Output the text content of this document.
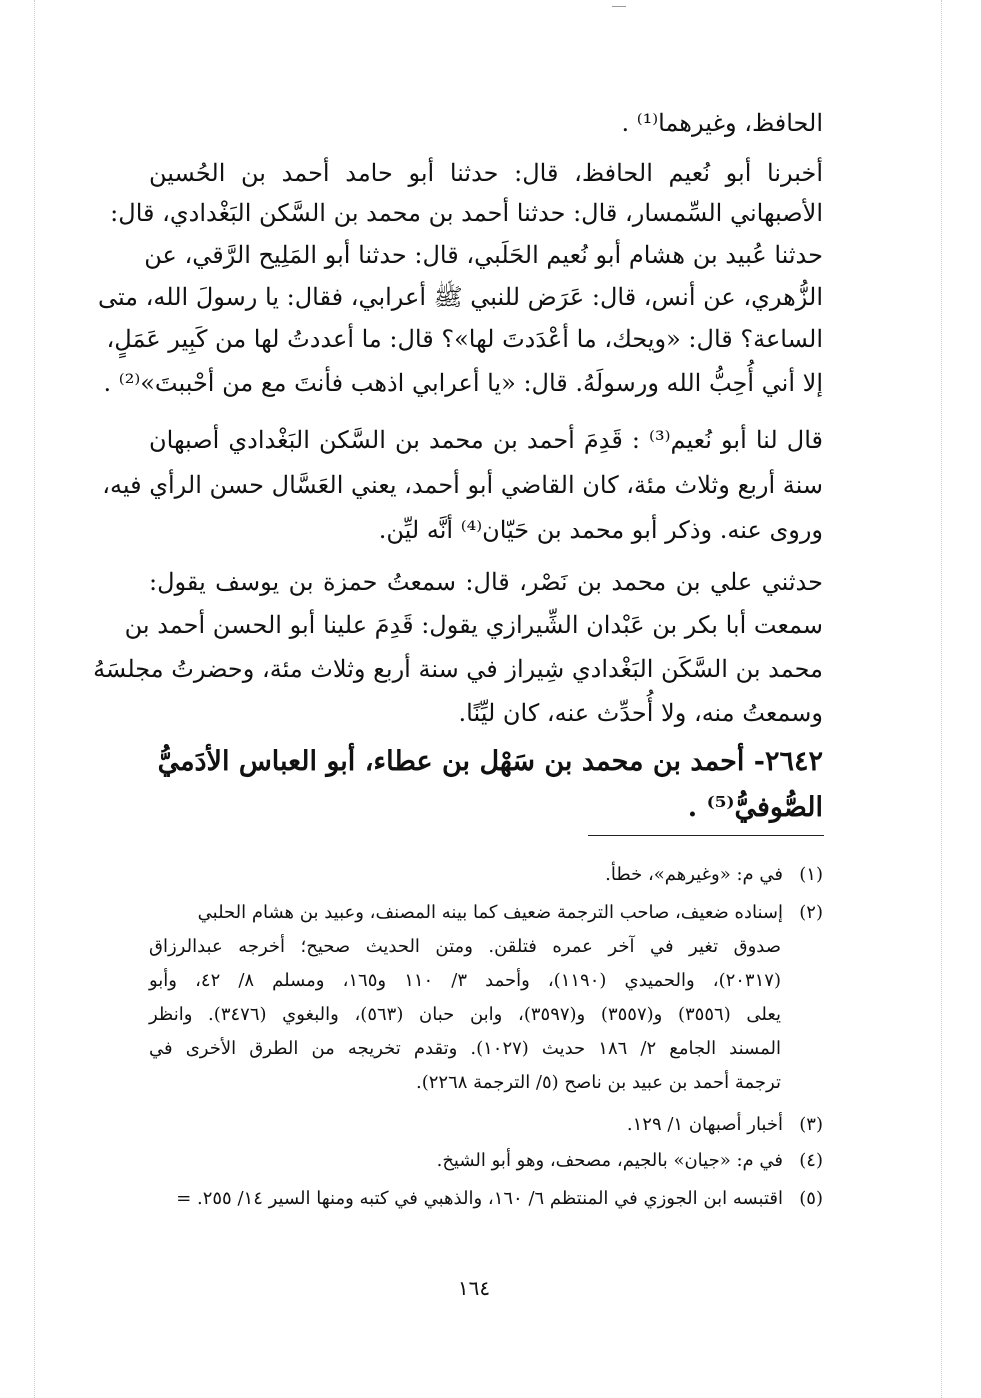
الحافظ، وغيرهما⁽¹⁾ .
أخبرنا أبو نُعيم الحافظ، قال: حدثنا أبو حامد أحمد بن الحُسين
الأصبهاني السِّمسار، قال: حدثنا أحمد بن محمد بن السَّكن البَغْدادي، قال:
حدثنا عُبيد بن هشام أبو نُعيم الحَلَبي، قال: حدثنا أبو المَلِيح الرَّقي، عن
الزُّهري، عن أنس، قال: عَرَض للنبي ﷺ أعرابي، فقال: يا رسولَ الله، متى
الساعة؟ قال: «ويحك، ما أعْدَدتَ لها»؟ قال: ما أعددتُ لها من كَبِير عَمَلٍ،
إلا أني أُحِبُّ الله ورسولَهُ. قال: «يا أعرابي اذهب فأنتَ مع من أحْببتَ»⁽²⁾ .
قال لنا أبو نُعيم⁽³⁾ : قَدِمَ أحمد بن محمد بن السَّكن البَغْدادي أصبهان
سنة أربع وثلاث مئة، كان القاضي أبو أحمد، يعني العَسَّال حسن الرأي فيه،
وروى عنه. وذكر أبو محمد بن حَيّان⁽⁴⁾ أنَّه ليِّن.
حدثني علي بن محمد بن نَصْر، قال: سمعتُ حمزة بن يوسف يقول:
سمعت أبا بكر بن عَبْدان الشِّيرازي يقول: قَدِمَ علينا أبو الحسن أحمد بن
محمد بن السَّكَن البَغْدادي شِيراز في سنة أربع وثلاث مئة، وحضرتُ مجلسَهُ
وسمعتُ منه، ولا أُحدِّث عنه، كان ليِّنًا.
٢٦٤٢- أحمد بن محمد بن سَهْل بن عطاء، أبو العباس الأدَميُّ
الصُّوفيُّ⁽⁵⁾ .
(١)في م: «وغيرهم»، خطأ.
(٢)إسناده ضعيف، صاحب الترجمة ضعيف كما بينه المصنف، وعبيد بن هشام الحلبي
صدوق تغير في آخر عمره فتلقن. ومتن الحديث صحيح؛ أخرجه عبدالرزاق
(٢٠٣١٧)، والحميدي (١١٩٠)، وأحمد ٣/ ١١٠ و١٦٥، ومسلم ٨/ ٤٢، وأبو
يعلى (٣٥٥٦) و(٣٥٥٧) و(٣٥٩٧)، وابن حبان (٥٦٣)، والبغوي (٣٤٧٦). وانظر
المسند الجامع ٢/ ١٨٦ حديث (١٠٢٧). وتقدم تخريجه من الطرق الأخرى في
ترجمة أحمد بن عبيد بن ناصح (٥/ الترجمة ٢٢٦٨).
(٣)أخبار أصبهان ١/ ١٢٩.
(٤)في م: «جيان» بالجيم، مصحف، وهو أبو الشيخ.
(٥)اقتبسه ابن الجوزي في المنتظم ٦/ ١٦٠، والذهبي في كتبه ومنها السير ١٤/ ٢٥٥. =
١٦٤
